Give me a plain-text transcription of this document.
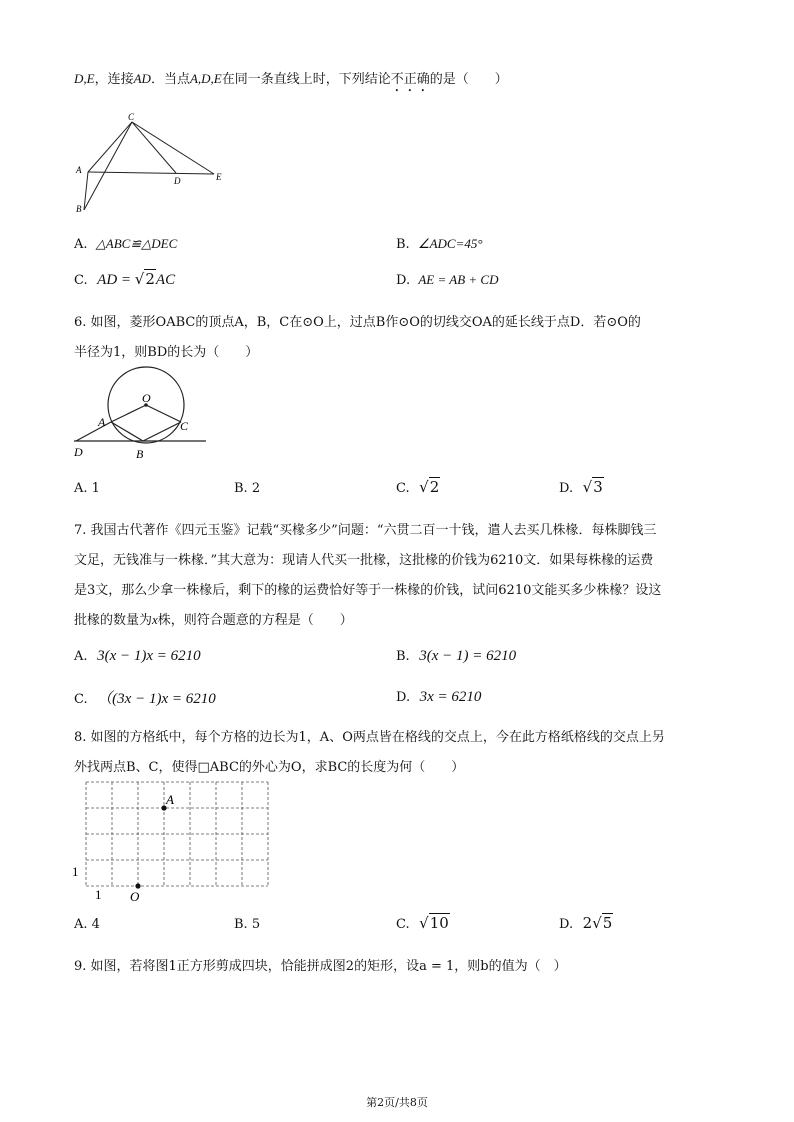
D,E，连接AD．当点A,D,E在同一条直线上时，下列结论不正确的是（　　）
C
A
D	E
B
A. △ABC≌△DEC	B. ∠ADC=45°
C. AD = √2AC	D. AE = AB + CD
6. 如图，菱形OABC的顶点A，B，C在⊙O上，过点B作⊙O的切线交OA的延长线于点D．若⊙O的
半径为1，则BD的长为（　　）
O
A	C
D	B
A. 1	B. 2	C. √2	D. √3
7. 我国古代著作《四元玉鉴》记载“买椽多少”问题：“六贯二百一十钱，遣人去买几株椽．每株脚钱三
文足，无钱准与一株椽．”其大意为：现请人代买一批椽，这批椽的价钱为6210文．如果每株椽的运费
是3文，那么少拿一株椽后，剩下的椽的运费恰好等于一株椽的价钱，试问6210文能买多少株椽？设这
批椽的数量为x株，则符合题意的方程是（　　）
A. 3(x − 1)x = 6210	B. 3(x − 1) = 6210
C. （(3x − 1)x = 6210	D. 3x = 6210
8. 如图的方格纸中，每个方格的边长为1，A、O两点皆在格线的交点上，今在此方格纸格线的交点上另
外找两点B、C，使得□ABC的外心为O，求BC的长度为何（　　）
A
O
1
1
A. 4	B. 5	C. √10	D. 2√5
9. 如图，若将图1正方形剪成四块，恰能拼成图2的矩形，设a = 1，则b的值为（　）
第2页/共8页
